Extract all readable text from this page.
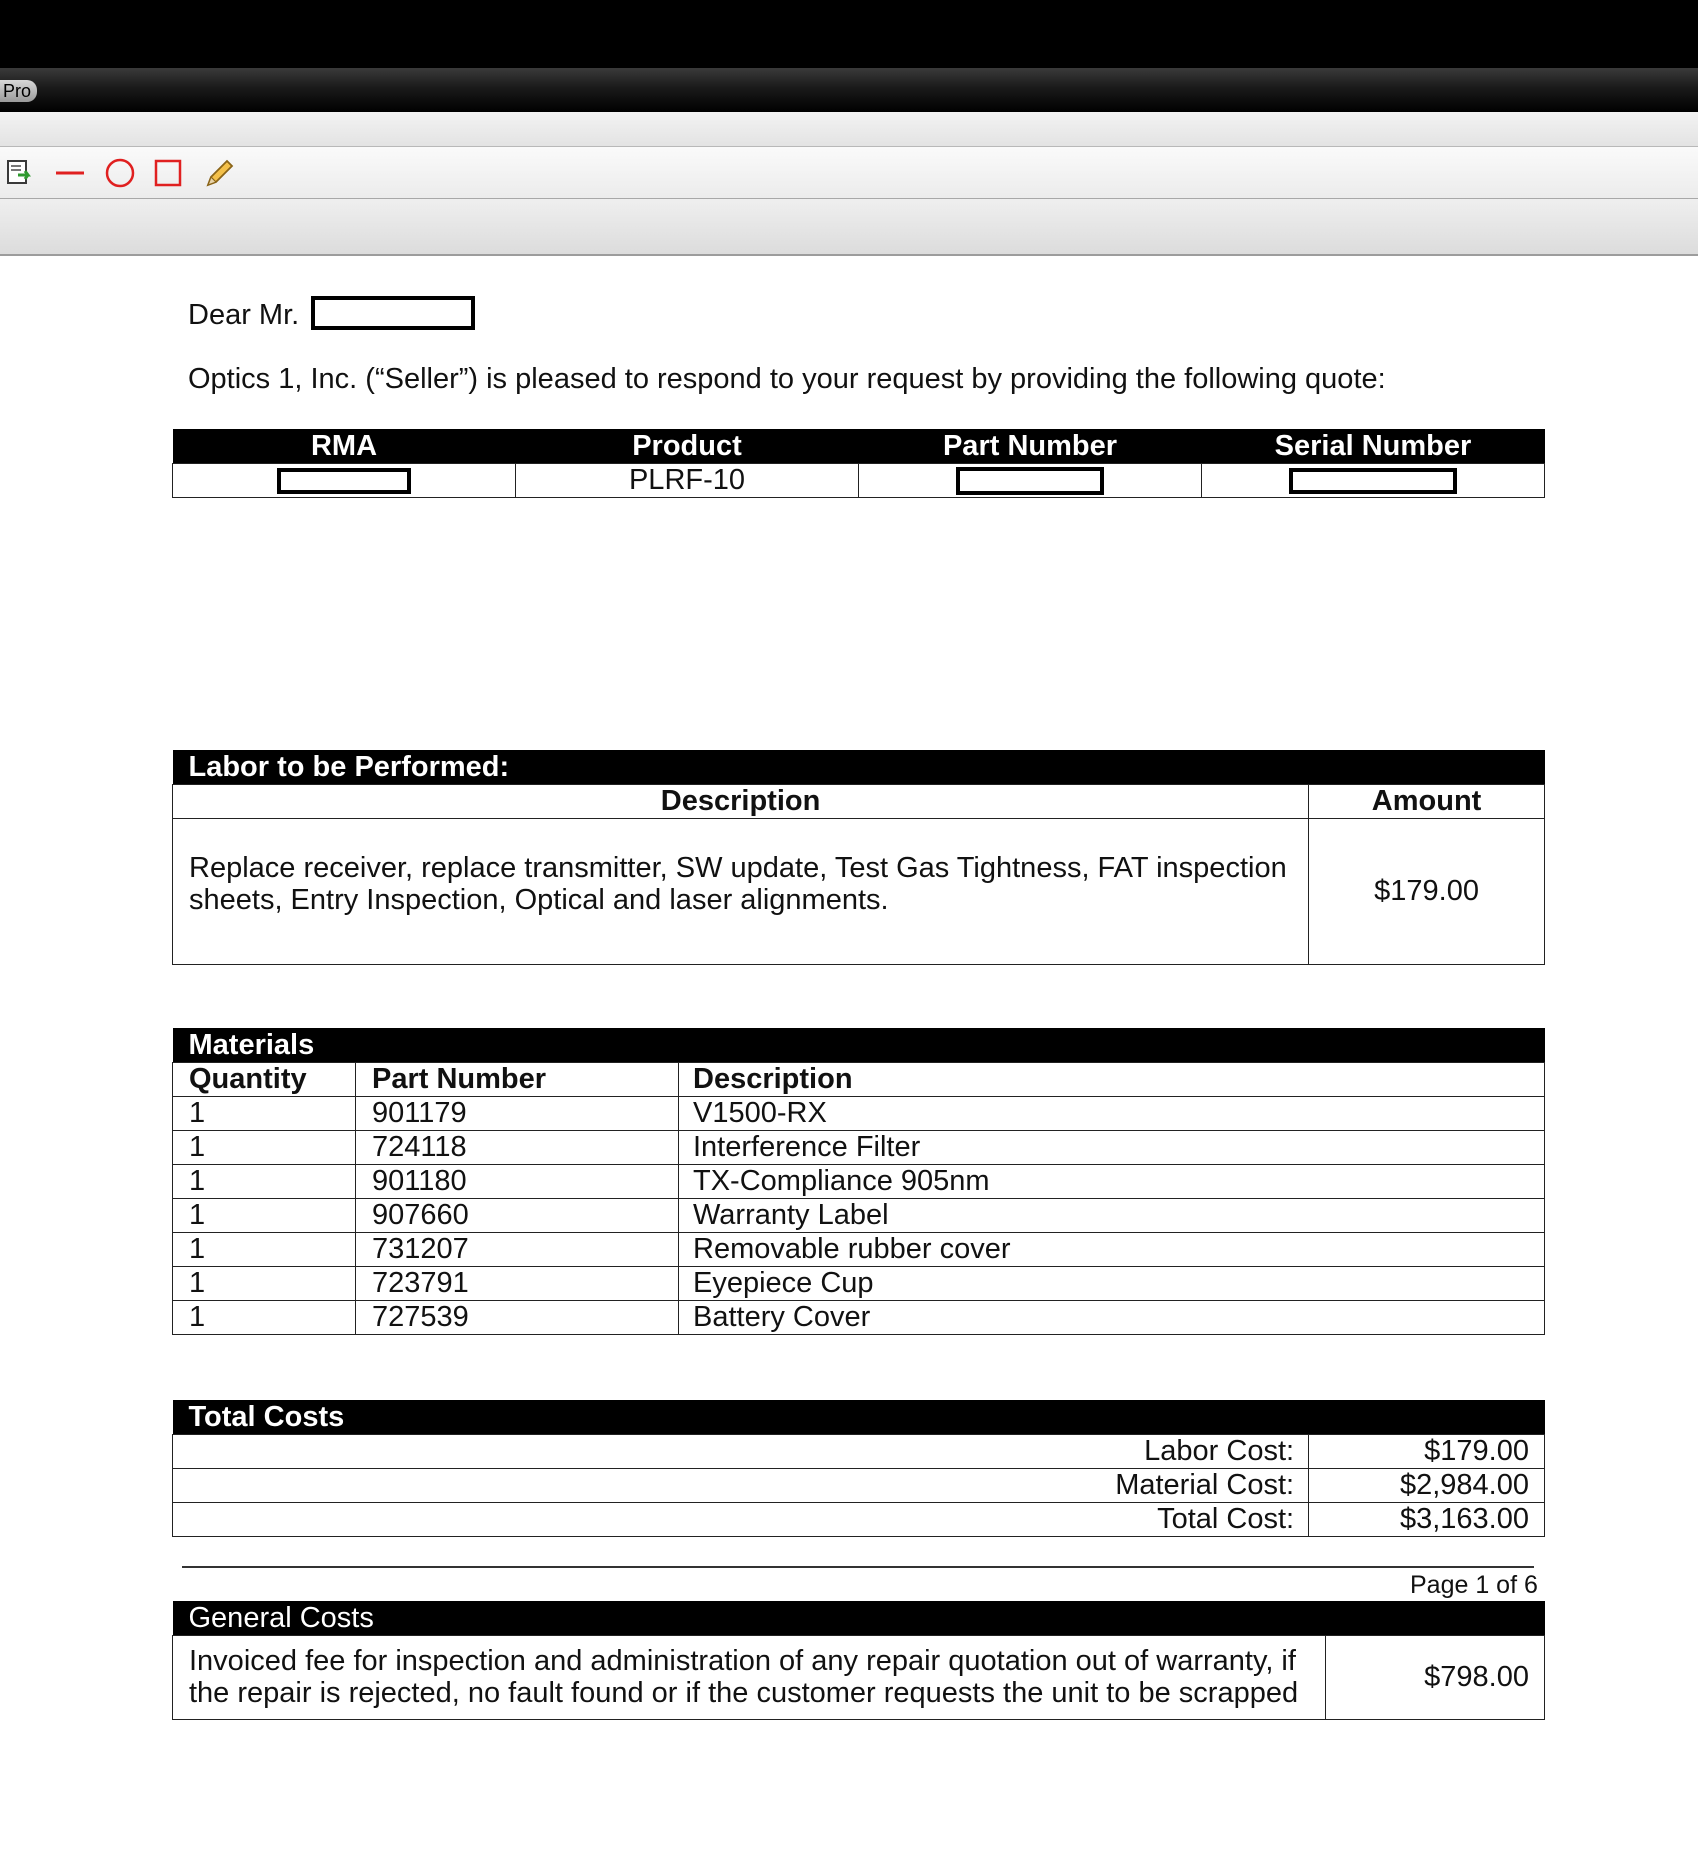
Pro
Dear Mr.
Optics 1, Inc. (“Seller”) is pleased to respond to your request by providing the following quote:
RMA	Product	Part Number	Serial Number
	PLRF-10		
Labor to be Performed:	
Description	Amount

Replace receiver, replace transmitter, SW update, Test Gas Tightness, FAT inspection
sheets, Entry Inspection, Optical and laser alignments.	$179.00
Materials		
Quantity	Part Number	Description
1	901179	V1500-RX
1	724118	Interference Filter
1	901180	TX-Compliance 905nm
1	907660	Warranty Label
1	731207	Removable rubber cover
1	723791	Eyepiece Cup
1	727539	Battery Cover
Total Costs	
Labor Cost:	$179.00
Material Cost:	$2,984.00
Total Cost:	$3,163.00
General Costs

Invoiced fee for inspection and administration of any repair quotation out of warranty, if
the repair is rejected, no fault found or if the customer requests the unit to be scrapped	$798.00
Page 1 of 6
